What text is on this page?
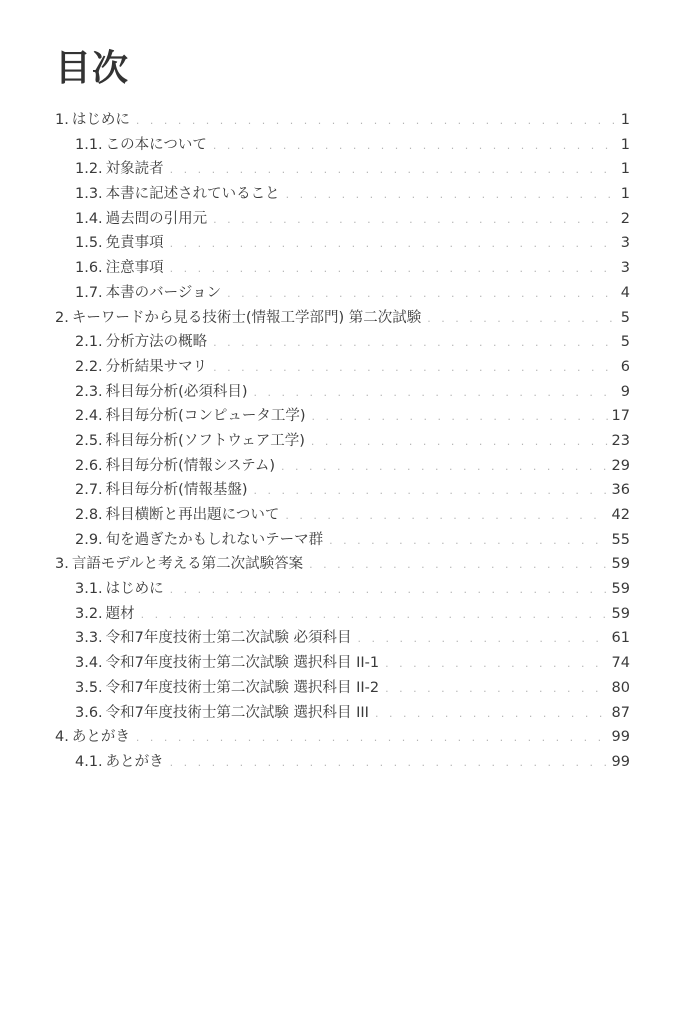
目次
1. はじめに . . .	1
1.1. この本について . . .	1
1.2. 対象読者 . . .	1
1.3. 本書に記述されていること . . .	1
1.4. 過去問の引用元 . . .	2
1.5. 免責事項 . . .	3
1.6. 注意事項 . . .	3
1.7. 本書のバージョン . . .	4
2. キーワードから見る技術士(情報工学部門) 第二次試験 . . .	5
2.1. 分析方法の概略 . . .	5
2.2. 分析結果サマリ . . .	6
2.3. 科目毎分析(必須科目) . . .	9
2.4. 科目毎分析(コンピュータ工学) . . .	17
2.5. 科目毎分析(ソフトウェア工学) . . .	23
2.6. 科目毎分析(情報システム) . . .	29
2.7. 科目毎分析(情報基盤) . . .	36
2.8. 科目横断と再出題について . . .	42
2.9. 旬を過ぎたかもしれないテーマ群 . . .	55
3. 言語モデルと考える第二次試験答案 . . .	59
3.1. はじめに . . .	59
3.2. 題材 . . .	59
3.3. 令和7年度技術士第二次試験 必須科目 . . .	61
3.4. 令和7年度技術士第二次試験 選択科目 II-1 . . .	74
3.5. 令和7年度技術士第二次試験 選択科目 II-2 . . .	80
3.6. 令和7年度技術士第二次試験 選択科目 III . . .	87
4. あとがき . . .	99
4.1. あとがき . . .	99
